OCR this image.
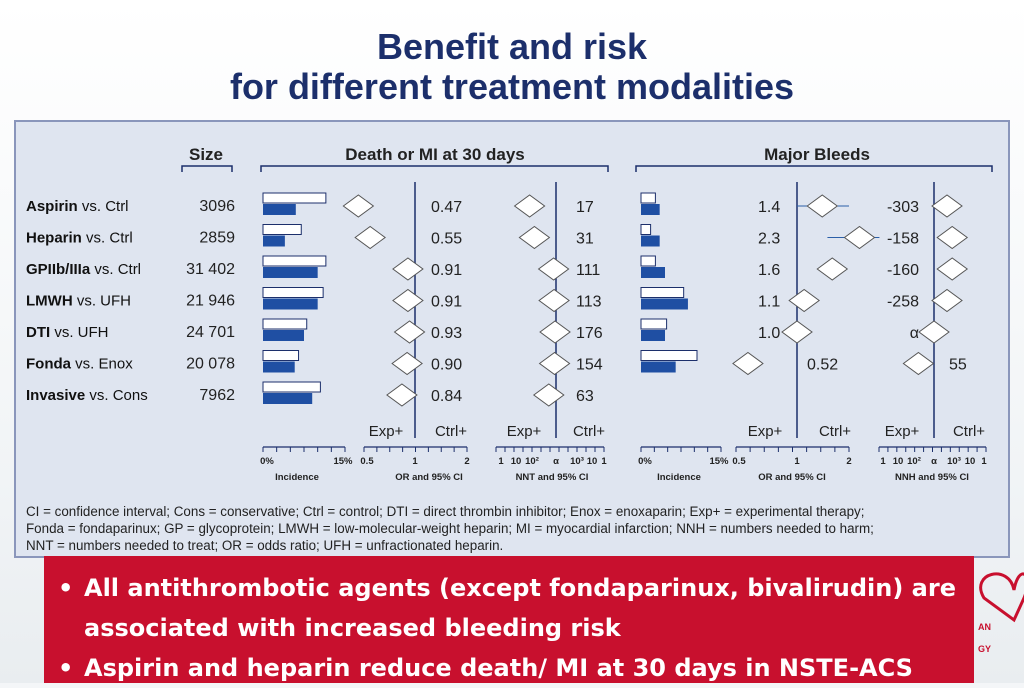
Benefit and risk
for different treatment modalities
Size	Death or MI at 30 days	Major Bleeds
Aspirin vs. Ctrl	3096	0.47	17	1.4	-303
Heparin vs. Ctrl	2859	0.55	31	2.3	-158
GPIIb/IIIa vs. Ctrl	31 402	0.91	111	1.6	-160
LMWH vs. UFH	21 946	0.91	113	1.1	-258
DTI vs. UFH	24 701	0.93	176	1.0	α
Fonda vs. Enox	20 078	0.90	154	0.52	55
Invasive vs. Cons	7962	0.84	63
Exp+ Ctrl+	Exp+ Ctrl+	Exp+ Ctrl+ Exp+ Ctrl+
0%	15% 0.5	1	2	1 10 10² α 10³ 10 1	0%	15% 0.5	1	2	1 10 10² α 10³ 10 1
Incidence	OR and 95% CI	NNT and 95% CI	Incidence	OR and 95% CI	NNH and 95% CI

CI = confidence interval; Cons = conservative; Ctrl = control; DTI = direct thrombin inhibitor; Enox = enoxaparin; Exp+ = experimental therapy;

Fonda = fondaparinux; GP = glycoprotein; LMWH = low-molecular-weight heparin; MI = myocardial infarction; NNH = numbers needed to harm;

NNT = numbers needed to treat; OR = odds ratio; UFH = unfractionated heparin.

• All antithrombotic agents (except fondaparinux, bivalirudin) are associated with increased bleeding risk
• Aspirin and heparin reduce death/ MI at 30 days in NSTE-ACS
AN
GY
